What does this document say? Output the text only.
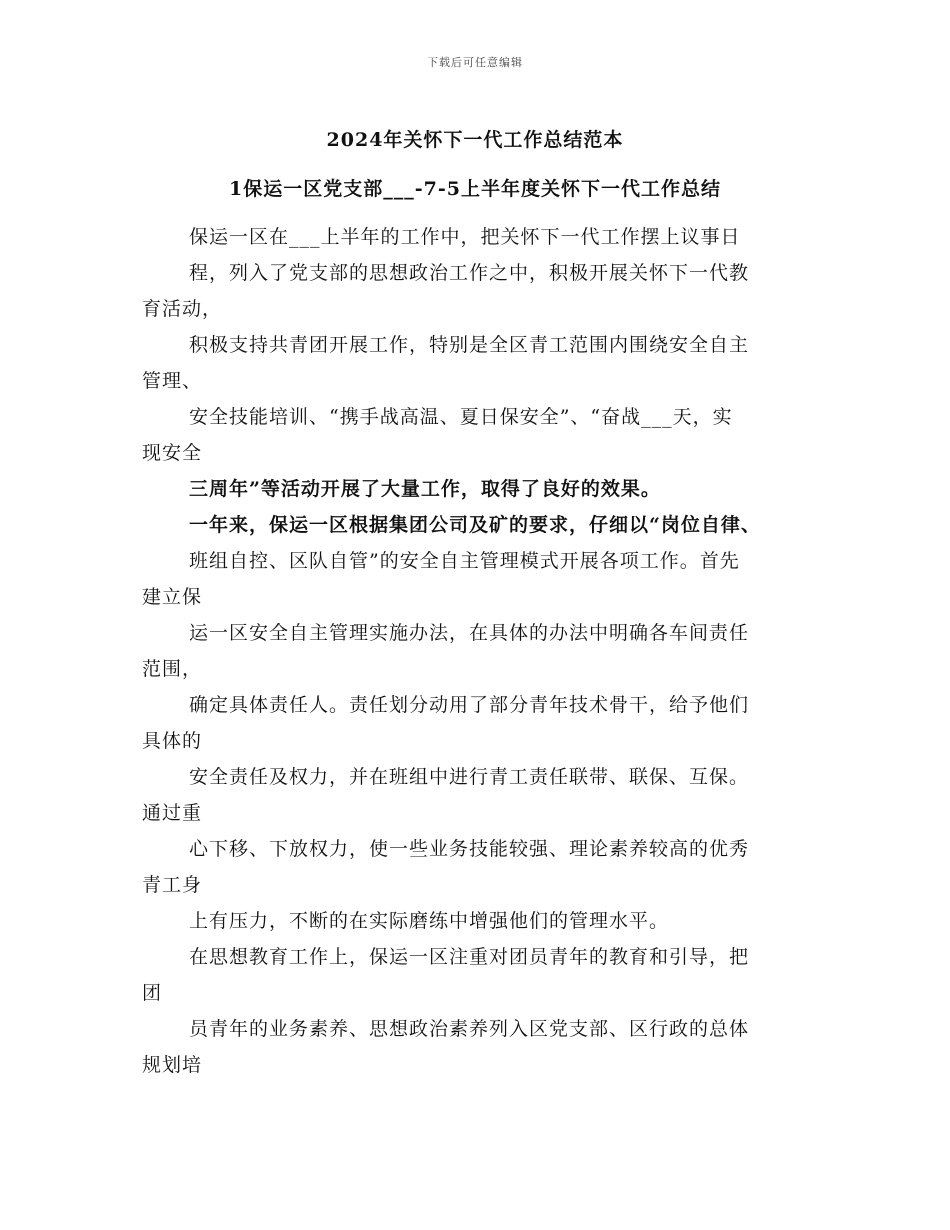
下载后可任意编辑
2024年关怀下一代工作总结范本
1保运一区党支部___-7-5上半年度关怀下一代工作总结
保运一区在___上半年的工作中，把关怀下一代工作摆上议事日
程，列入了党支部的思想政治工作之中，积极开展关怀下一代教
育活动，
积极支持共青团开展工作，特别是全区青工范围内围绕安全自主
管理、
安全技能培训、“携手战高温、夏日保安全”、“奋战___天，实
现安全
三周年”等活动开展了大量工作，取得了良好的效果。
一年来，保运一区根据集团公司及矿的要求，仔细以“岗位自律、
班组自控、区队自管”的安全自主管理模式开展各项工作。首先
建立保
运一区安全自主管理实施办法，在具体的办法中明确各车间责任
范围，
确定具体责任人。责任划分动用了部分青年技术骨干，给予他们
具体的
安全责任及权力，并在班组中进行青工责任联带、联保、互保。
通过重
心下移、下放权力，使一些业务技能较强、理论素养较高的优秀
青工身
上有压力，不断的在实际磨练中增强他们的管理水平。
在思想教育工作上，保运一区注重对团员青年的教育和引导，把
团
员青年的业务素养、思想政治素养列入区党支部、区行政的总体
规划培
